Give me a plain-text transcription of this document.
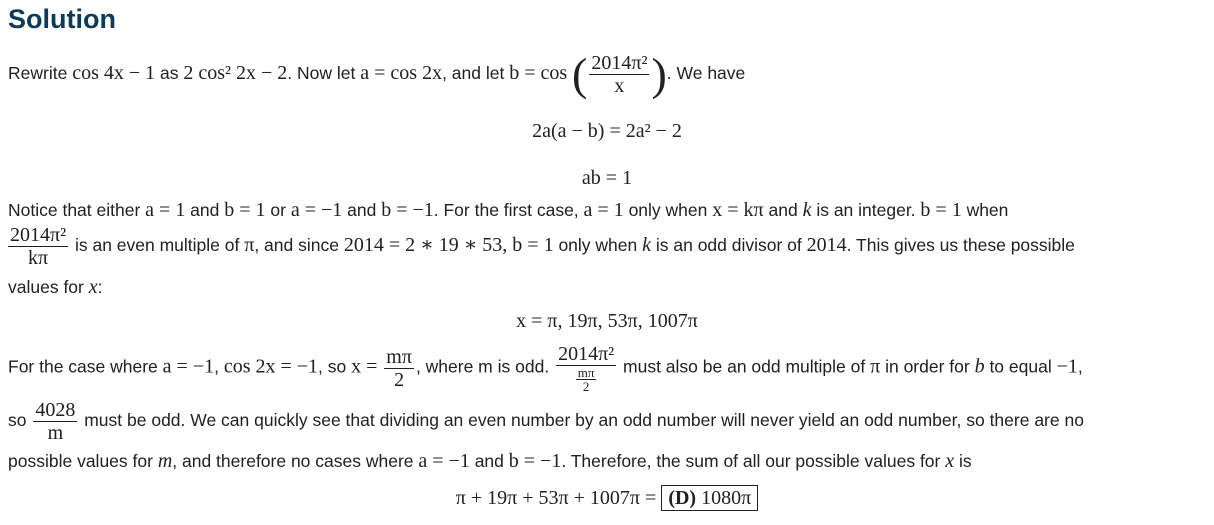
Solution
Rewrite cos 4x − 1 as 2 cos² 2x − 2. Now let a = cos 2x, and let b = cos ( $\frac{\text{2014π²}}{x}$ ). We have
2a(a − b) = 2a² − 2
ab = 1
Notice that either a = 1 and b = 1 or a = −1 and b = −1. For the first case, a = 1 only when x = kπ and k is an integer. b = 1 when
$\frac{\text{2014π²}}{k\pi}$ is an even multiple of π, and since 2014 = 2 ∗ 19 ∗ 53, b = 1 only when k is an odd divisor of 2014. This gives us these possible
values for x:
x = π, 19π, 53π, 1007π
For the case where a = −1, cos 2x = −1, so $x = \frac{m\pi}{2}$ , where m is odd. $\frac{\text{2014π²}}{\frac{m\pi}{2}}$ must also be an odd multiple of π in order for b to equal −1,
so $\frac{4028}{m}$ must be odd. We can quickly see that dividing an even number by an odd number will never yield an odd number, so there are no
possible values for m, and therefore no cases where a = −1 and b = −1. Therefore, the sum of all our possible values for x is
π + 19π + 53π + 1007π = (D) 1080π
